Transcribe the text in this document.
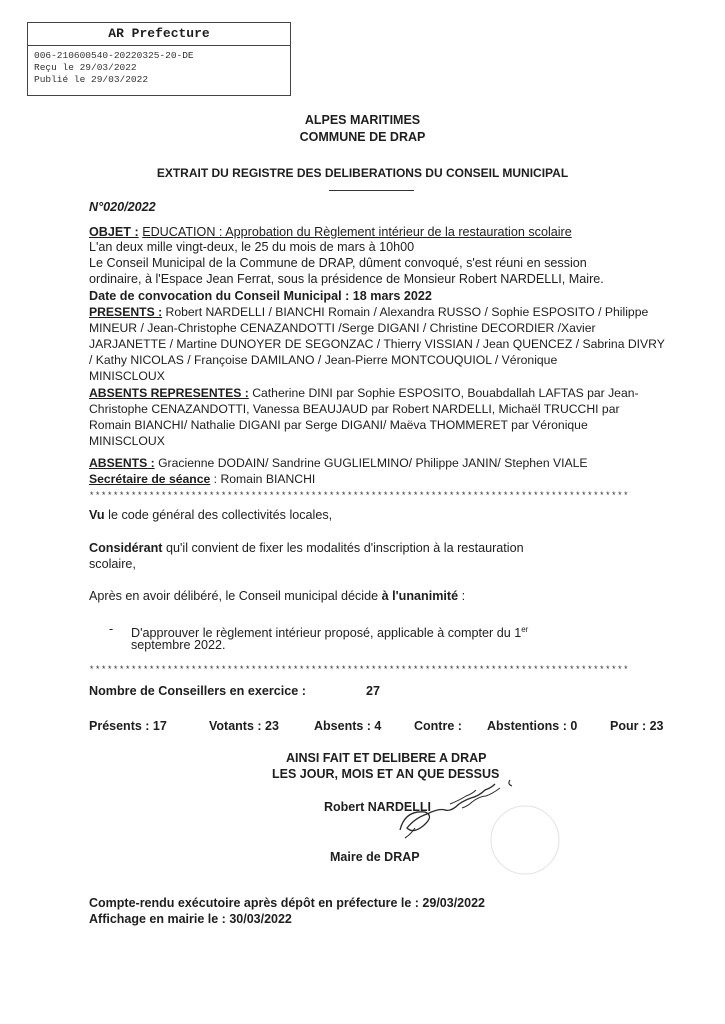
AR Prefecture
006-210600540-20220325-20-DE
Reçu le 29/03/2022
Publié le 29/03/2022
ALPES MARITIMES
COMMUNE DE DRAP
EXTRAIT DU REGISTRE DES DELIBERATIONS DU CONSEIL MUNICIPAL
N°020/2022
OBJET : EDUCATION : Approbation du Règlement intérieur de la restauration scolaire
L'an deux mille vingt-deux, le 25 du mois de mars à 10h00
Le Conseil Municipal de la Commune de DRAP, dûment convoqué, s'est réuni en session
ordinaire, à l'Espace Jean Ferrat, sous la présidence de Monsieur Robert NARDELLI, Maire.
Date de convocation du Conseil Municipal : 18 mars 2022
PRESENTS : Robert NARDELLI / BIANCHI Romain / Alexandra RUSSO / Sophie ESPOSITO / Philippe
MINEUR / Jean-Christophe CENAZANDOTTI /Serge DIGANI / Christine DECORDIER /Xavier
JARJANETTE / Martine DUNOYER DE SEGONZAC / Thierry VISSIAN / Jean QUENCEZ / Sabrina DIVRY
/ Kathy NICOLAS / Françoise DAMILANO / Jean-Pierre MONTCOUQUIOL / Véronique
MINISCLOUX
ABSENTS REPRESENTES : Catherine DINI par Sophie ESPOSITO, Bouabdallah LAFTAS par Jean-
Christophe CENAZANDOTTI, Vanessa BEAUJAUD par Robert NARDELLI, Michaël TRUCCHI par
Romain BIANCHI/ Nathalie DIGANI par Serge DIGANI/ Maëva THOMMERET par Véronique
MINISCLOUX
ABSENTS : Gracienne DODAIN/ Sandrine GUGLIELMINO/ Philippe JANIN/ Stephen VIALE
Secrétaire de séance : Romain BIANCHI
******************************************************************************************
Vu le code général des collectivités locales,
Considérant qu'il convient de fixer les modalités d'inscription à la restauration
scolaire,
Après en avoir délibéré, le Conseil municipal décide à l'unanimité :
- D'approuver le règlement intérieur proposé, applicable à compter du 1er
septembre 2022.
******************************************************************************************
Nombre de Conseillers en exercice :	27
Présents : 17	Votants : 23	Absents : 4	Contre : Abstentions : 0	Pour : 23
AINSI FAIT ET DELIBERE A DRAP
LES JOUR, MOIS ET AN QUE DESSUS
Robert NARDELLI
Maire de DRAP
Compte-rendu exécutoire après dépôt en préfecture le : 29/03/2022
Affichage en mairie le : 30/03/2022
